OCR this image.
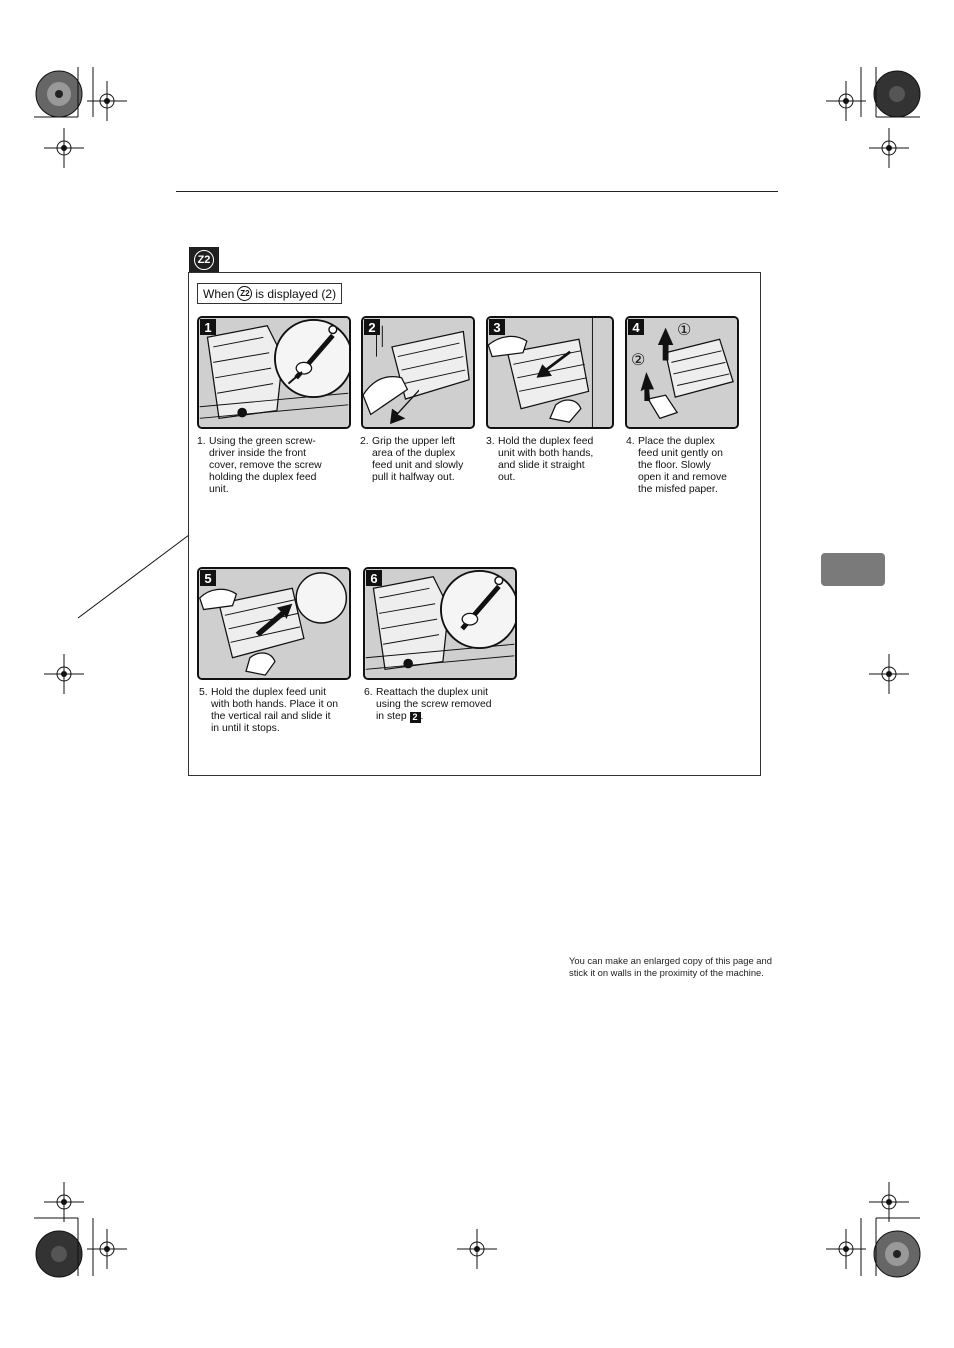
Z2
When Z2 is displayed (2)
1	2	3	4 ①
②
5	6
1. Using the green screw-
driver inside the front
cover, remove the screw
holding the duplex feed
unit.
2. Grip the upper left
area of the duplex
feed unit and slowly
pull it halfway out.
3. Hold the duplex feed
unit with both hands,
and slide it straight
out.
4. Place the duplex
feed unit gently on
the floor. Slowly
open it and remove
the misfed paper.
5. Hold the duplex feed unit
with both hands. Place it on
the vertical rail and slide it
in until it stops.
6. Reattach the duplex unit
using the screw removed
in step 2 .
You can make an enlarged copy of this page and stick it on walls in the proximity of the machine.
